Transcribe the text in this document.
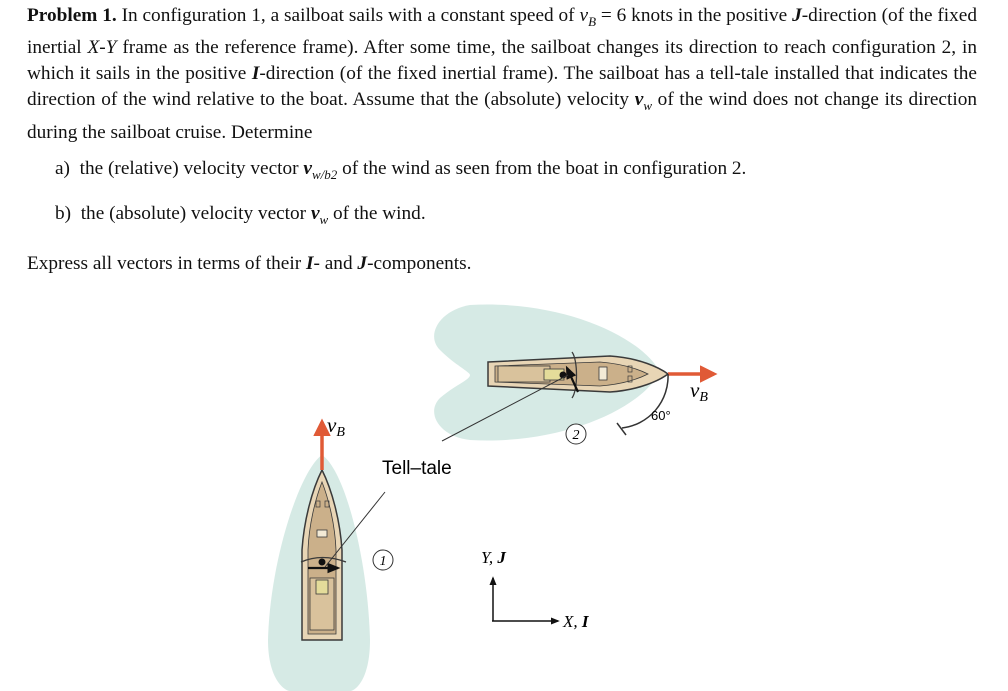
Problem 1. In configuration 1, a sailboat sails with a constant speed of $v_B = 6$ knots in the positive J-direction (of the fixed inertial X-Y frame as the reference frame). After some time, the sailboat changes its direction to reach configuration 2, in which it sails in the positive I-direction (of the fixed inertial frame). The sailboat has a tell-tale installed that indicates the direction of the wind relative to the boat. Assume that the (absolute) velocity $v_w$ of the wind does not change its direction during the sailboat cruise. Determine
a) the (relative) velocity vector $v_{w/b2}$ of the wind as seen from the boat in configuration 2.
b) the (absolute) velocity vector $v_w$ of the wind.
Express all vectors in terms of their I- and J-components.
2
1
vB
vB
Tell–tale
60°
Y, J
X, I
